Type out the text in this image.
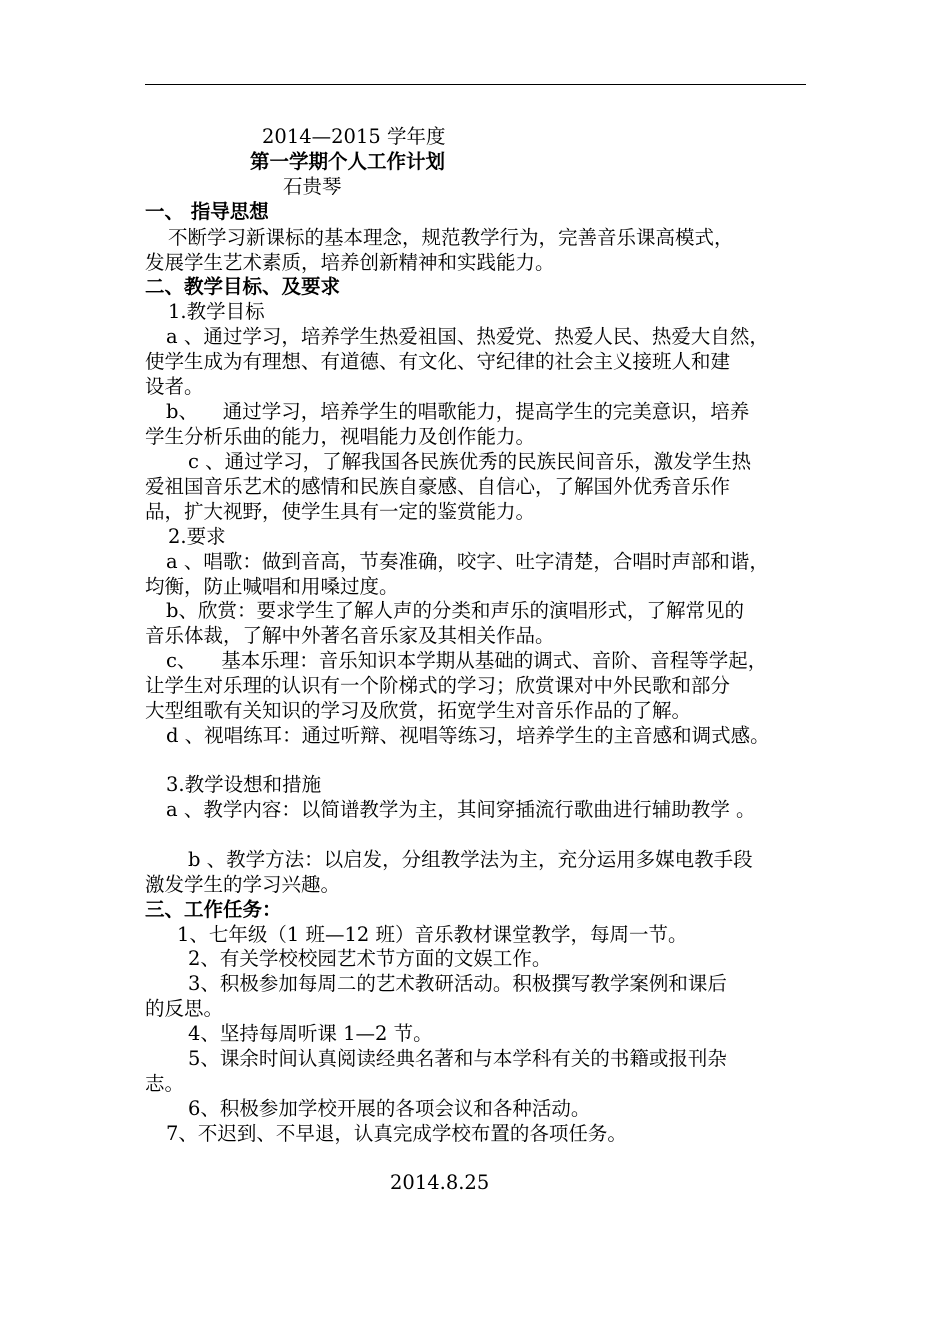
2014—2015 学年度
第一学期个人工作计划
石贵琴
一、 指导思想
不断学习新课标的基本理念，规范教学行为，完善音乐课高模式，
发展学生艺术素质，培养创新精神和实践能力。
二、教学目标、及要求
1.教学目标
a 、通过学习，培养学生热爱祖国、热爱党、热爱人民、热爱大自然，
使学生成为有理想、有道德、有文化、守纪律的社会主义接班人和建
设者。
b、    通过学习，培养学生的唱歌能力，提高学生的完美意识，培养
学生分析乐曲的能力，视唱能力及创作能力。
c 、通过学习，了解我国各民族优秀的民族民间音乐，激发学生热
爱祖国音乐艺术的感情和民族自豪感、自信心，了解国外优秀音乐作
品，扩大视野，使学生具有一定的鉴赏能力。
2.要求
a 、唱歌：做到音高，节奏准确，咬字、吐字清楚，合唱时声部和谐，
均衡，防止喊唱和用嗓过度。
b、欣赏：要求学生了解人声的分类和声乐的演唱形式，了解常见的
音乐体裁，了解中外著名音乐家及其相关作品。
c、    基本乐理：音乐知识本学期从基础的调式、音阶、音程等学起，
让学生对乐理的认识有一个阶梯式的学习；欣赏课对中外民歌和部分
大型组歌有关知识的学习及欣赏，拓宽学生对音乐作品的了解。
d 、视唱练耳：通过听辩、视唱等练习，培养学生的主音感和调式感。
3.教学设想和措施
a 、教学内容：以简谱教学为主，其间穿插流行歌曲进行辅助教学 。
b 、教学方法：以启发，分组教学法为主，充分运用多媒电教手段
激发学生的学习兴趣。
三、工作任务：
1、七年级（1 班—12 班）音乐教材课堂教学，每周一节。
2、有关学校校园艺术节方面的文娱工作。
3、积极参加每周二的艺术教研活动。积极撰写教学案例和课后
的反思。
4、坚持每周听课 1—2 节。
5、课余时间认真阅读经典名著和与本学科有关的书籍或报刊杂
志。
6、积极参加学校开展的各项会议和各种活动。
7、不迟到、不早退，认真完成学校布置的各项任务。
2014.8.25
